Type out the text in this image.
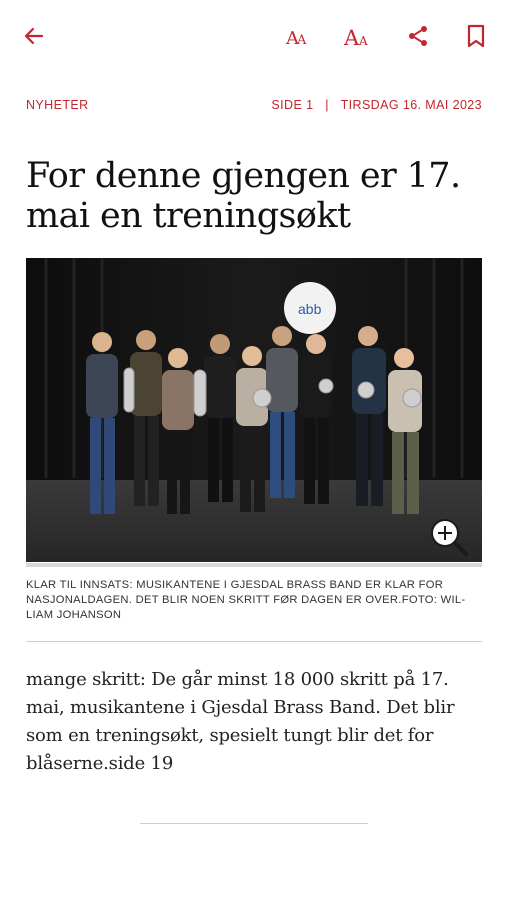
A
A A A
NYHETER	SIDE 1 | TIRSDAG 16. MAI 2023
For denne gjengen er 17. mai en treningsøkt
abb

KLAR TIL INNSATS: MUSIKANTENE I GJESDAL BRASS BAND ER KLAR FOR NASJONALDAGEN. DET BLIR NOEN SKRITT FØR DAGEN ER OVER.FOTO: WILLIAM JOHANSON

mange skritt: De går minst 18 000 skritt på 17. mai, musikantene i Gjesdal Brass Band. Det blir som en treningsøkt, spesielt tungt blir det for blåserne.side 19
